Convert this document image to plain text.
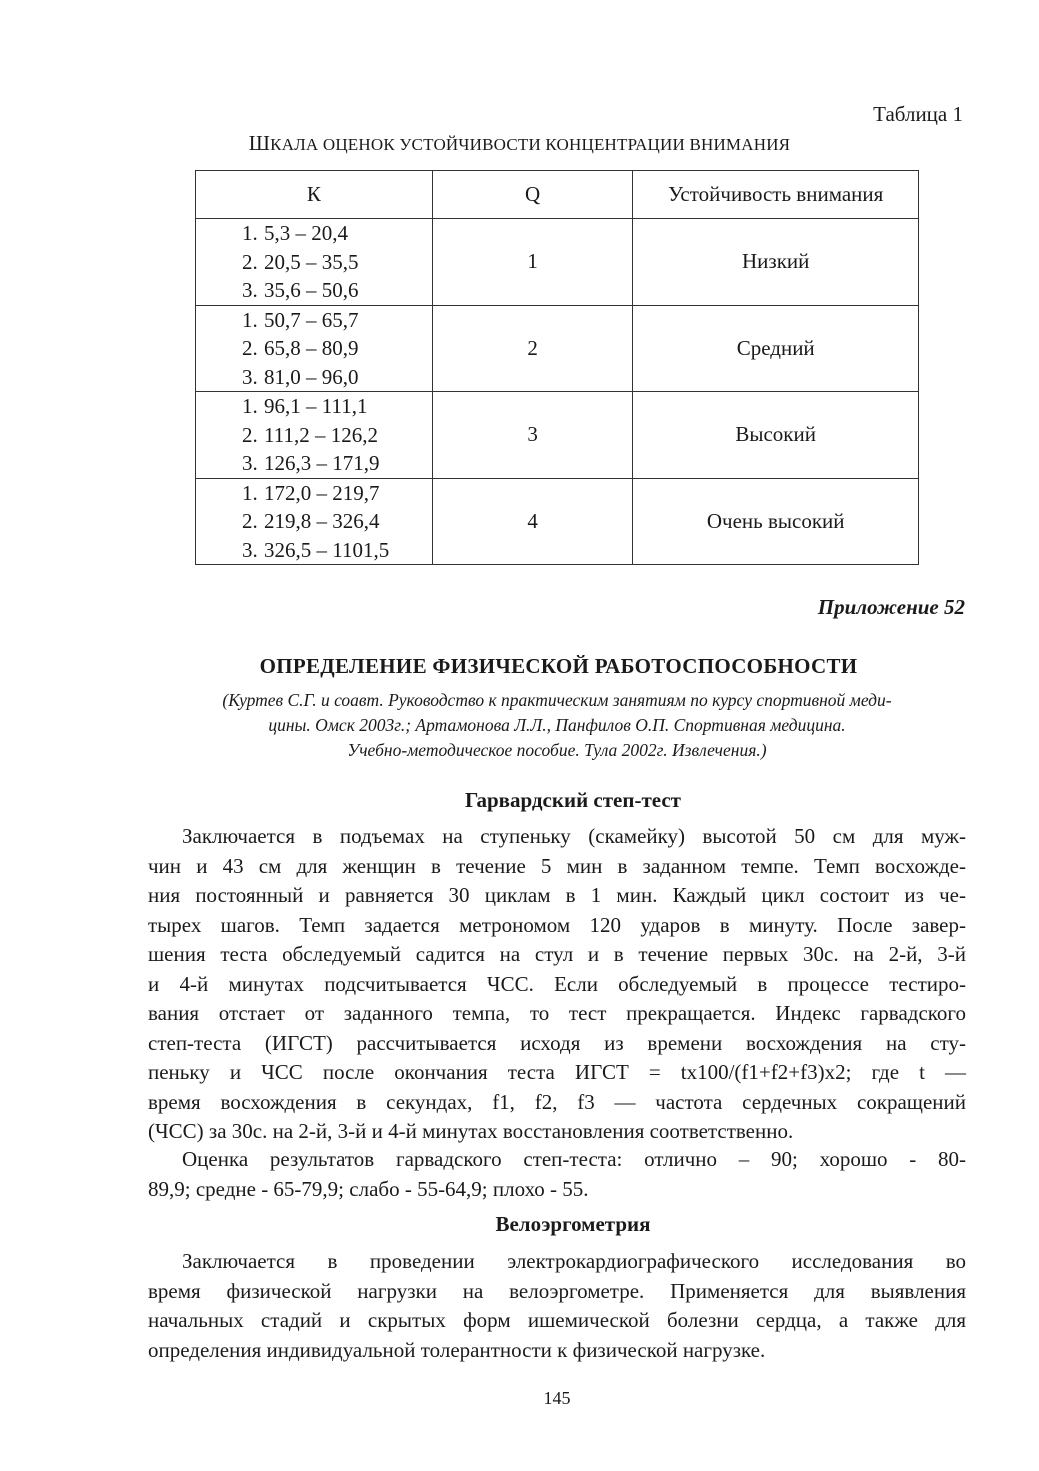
Таблица 1
ШКАЛА ОЦЕНОК УСТОЙЧИВОСТИ КОНЦЕНТРАЦИИ ВНИМАНИЯ
К	Q	Устойчивость внимания

1. 5,3 – 20,4
2. 20,5 – 35,5
3. 35,6 – 50,6	1	Низкий

1. 50,7 – 65,7
2. 65,8 – 80,9
3. 81,0 – 96,0	2	Средний

1. 96,1 – 111,1
2. 111,2 – 126,2
3. 126,3 – 171,9	3	Высокий

1. 172,0 – 219,7
2. 219,8 – 326,4
3. 326,5 – 1101,5	4	Очень высокий
Приложение 52
ОПРЕДЕЛЕНИЕ ФИЗИЧЕСКОЙ РАБОТОСПОСОБНОСТИ
(Куртев С.Г. и соавт. Руководство к практическим занятиям по курсу спортивной меди-
цины. Омск 2003г.; Артамонова Л.Л., Панфилов О.П. Спортивная медицина.
Учебно-методическое пособие. Тула 2002г. Извлечения.)
Гарвардский степ-тест
Заключается в подъемах на ступеньку (скамейку) высотой 50 см для муж-
чин и 43 см для женщин в течение 5 мин в заданном темпе. Темп восхожде-
ния постоянный и равняется 30 циклам в 1 мин. Каждый цикл состоит из че-
тырех шагов. Темп задается метрономом 120 ударов в минуту. После завер-
шения теста обследуемый садится на стул и в течение первых 30с. на 2-й, 3-й
и 4-й минутах подсчитывается ЧСС. Если обследуемый в процессе тестиро-
вания отстает от заданного темпа, то тест прекращается. Индекс гарвадского
степ-теста (ИГСТ) рассчитывается исходя из времени восхождения на сту-
пеньку и ЧСС после окончания теста ИГСТ = tх100/(f1+f2+f3)х2; где t —
время восхождения в секундах, f1, f2, f3 — частота сердечных сокращений
(ЧСС) за 30с. на 2-й, 3-й и 4-й минутах восстановления соответственно.
Оценка результатов гарвадского степ-теста: отлично – 90; хорошо - 80-
89,9; средне - 65-79,9; слабо - 55-64,9; плохо - 55.
Велоэргометрия
Заключается в проведении электрокардиографического исследования во
время физической нагрузки на велоэргометре. Применяется для выявления
начальных стадий и скрытых форм ишемической болезни сердца, а также для
определения индивидуальной толерантности к физической нагрузке.
145
